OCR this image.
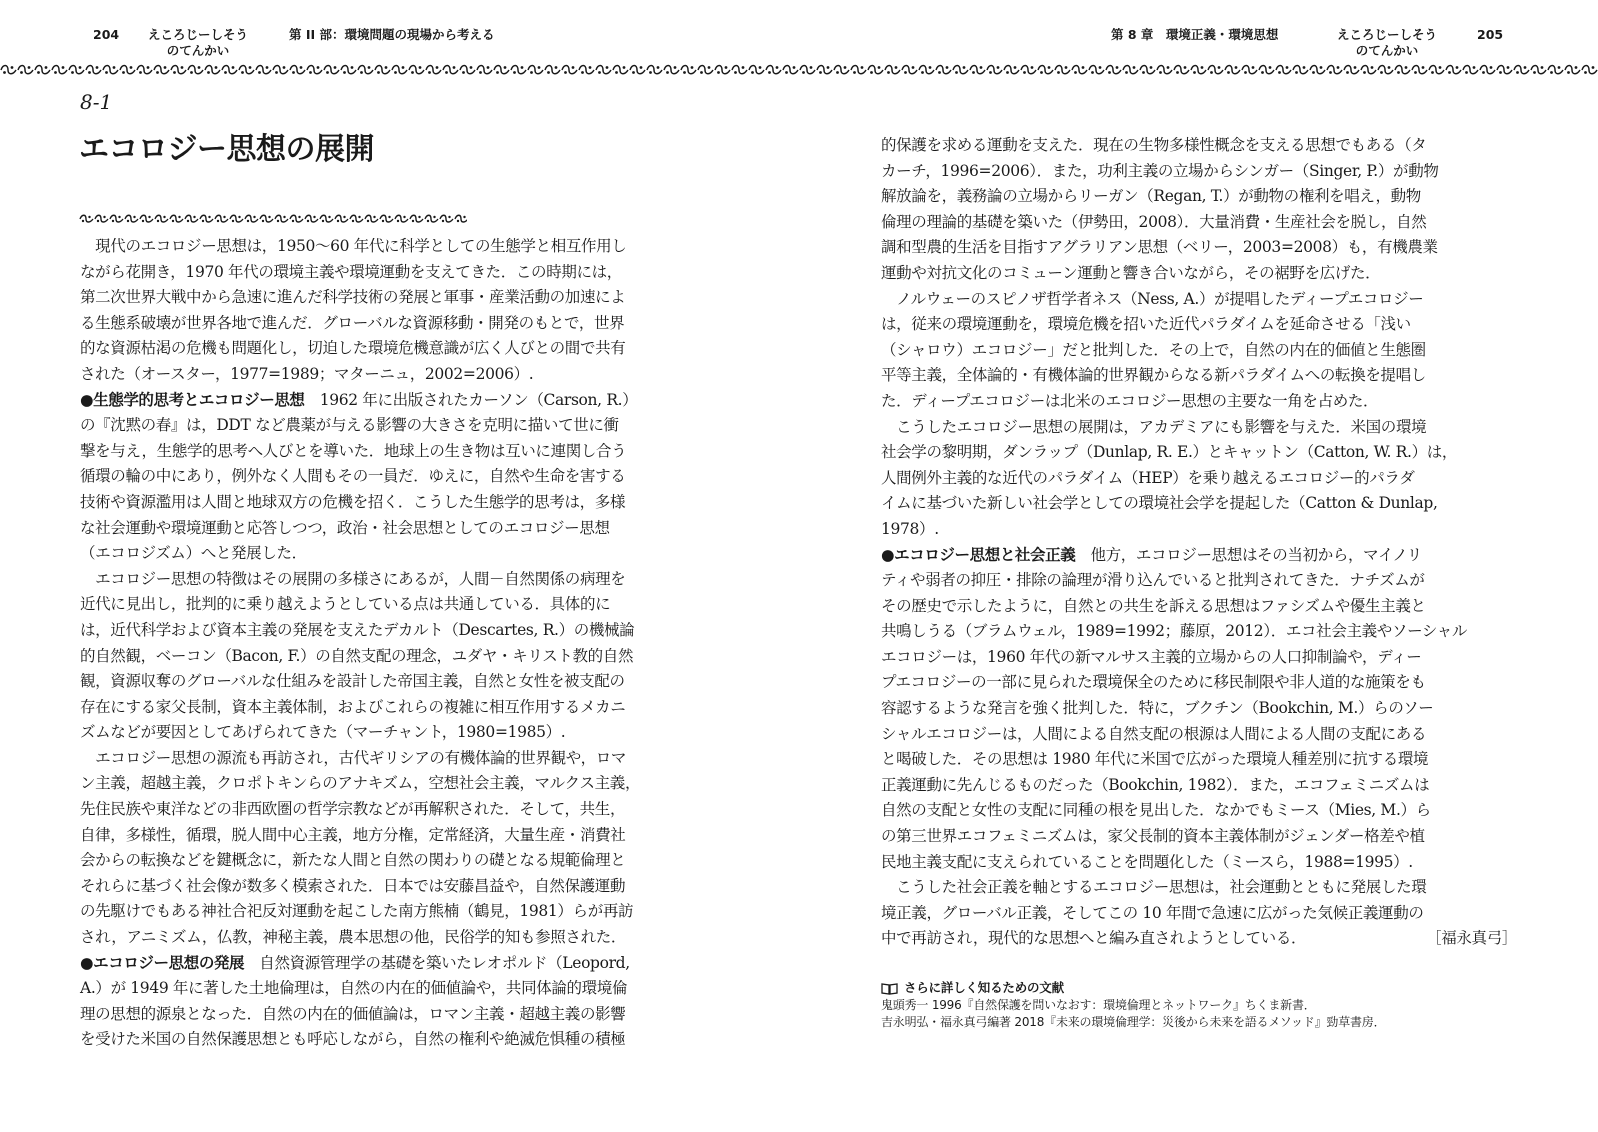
204 えころじーしそう
のてんかい
第 II 部：環境問題の現場から考える	第 8 章　環境正義・環境思想	えころじーしそう
のてんかい
205
8-1
エコロジー思想の展開
　現代のエコロジー思想は，1950～60 年代に科学としての生態学と相互作用し
ながら花開き，1970 年代の環境主義や環境運動を支えてきた．この時期には，
第二次世界大戦中から急速に進んだ科学技術の発展と軍事・産業活動の加速によ
る生態系破壊が世界各地で進んだ．グローバルな資源移動・開発のもとで，世界
的な資源枯渇の危機も問題化し，切迫した環境危機意識が広く人びとの間で共有
された（オースター，1977=1989；マターニュ，2002=2006）.
●生態学的思考とエコロジー思想　 1962 年に出版されたカーソン（Carson, R.）
の『沈黙の春』は，DDT など農薬が与える影響の大きさを克明に描いて世に衝
撃を与え，生態学的思考へ人びとを導いた．地球上の生き物は互いに連関し合う
循環の輪の中にあり，例外なく人間もその一員だ．ゆえに，自然や生命を害する
技術や資源濫用は人間と地球双方の危機を招く．こうした生態学的思考は，多様
な社会運動や環境運動と応答しつつ，政治・社会思想としてのエコロジー思想
（エコロジズム）へと発展した．
　エコロジー思想の特徴はその展開の多様さにあるが，人間－自然関係の病理を
近代に見出し，批判的に乗り越えようとしている点は共通している．具体的に
は，近代科学および資本主義の発展を支えたデカルト（Descartes, R.）の機械論
的自然観，ベーコン（Bacon, F.）の自然支配の理念，ユダヤ・キリスト教的自然
観，資源収奪のグローバルな仕組みを設計した帝国主義，自然と女性を被支配の
存在にする家父長制，資本主義体制，およびこれらの複雑に相互作用するメカニ
ズムなどが要因としてあげられてきた（マーチャント，1980=1985）.
　エコロジー思想の源流も再訪され，古代ギリシアの有機体論的世界観や，ロマ
ン主義，超越主義，クロポトキンらのアナキズム，空想社会主義，マルクス主義，
先住民族や東洋などの非西欧圏の哲学宗教などが再解釈された．そして，共生，
自律，多様性，循環，脱人間中心主義，地方分権，定常経済，大量生産・消費社
会からの転換などを鍵概念に，新たな人間と自然の関わりの礎となる規範倫理と
それらに基づく社会像が数多く模索された．日本では安藤昌益や，自然保護運動
の先駆けでもある神社合祀反対運動を起こした南方熊楠（鶴見，1981）らが再訪
され，アニミズム，仏教，神秘主義，農本思想の他，民俗学的知も参照された．
●エコロジー思想の発展　 自然資源管理学の基礎を築いたレオポルド（Leopord,
A.）が 1949 年に著した土地倫理は，自然の内在的価値論や，共同体論的環境倫
理の思想的源泉となった．自然の内在的価値論は，ロマン主義・超越主義の影響
を受けた米国の自然保護思想とも呼応しながら，自然の権利や絶滅危惧種の積極
的保護を求める運動を支えた．現在の生物多様性概念を支える思想でもある（タ
カーチ，1996=2006）．また，功利主義の立場からシンガー（Singer, P.）が動物
解放論を，義務論の立場からリーガン（Regan, T.）が動物の権利を唱え，動物
倫理の理論的基礎を築いた（伊勢田，2008）．大量消費・生産社会を脱し，自然
調和型農的生活を目指すアグラリアン思想（ベリー，2003=2008）も，有機農業
運動や対抗文化のコミューン運動と響き合いながら，その裾野を広げた．
　ノルウェーのスピノザ哲学者ネス（Ness, A.）が提唱したディープエコロジー
は，従来の環境運動を，環境危機を招いた近代パラダイムを延命させる「浅い
（シャロウ）エコロジー」だと批判した．その上で，自然の内在的価値と生態圏
平等主義，全体論的・有機体論的世界観からなる新パラダイムへの転換を提唱し
た．ディープエコロジーは北米のエコロジー思想の主要な一角を占めた．
　こうしたエコロジー思想の展開は，アカデミアにも影響を与えた．米国の環境
社会学の黎明期，ダンラップ（Dunlap, R. E.）とキャットン（Catton, W. R.）は，
人間例外主義的な近代のパラダイム（HEP）を乗り越えるエコロジー的パラダ
イムに基づいた新しい社会学としての環境社会学を提起した（Catton & Dunlap,
1978）.
●エコロジー思想と社会正義　 他方，エコロジー思想はその当初から，マイノリ
ティや弱者の抑圧・排除の論理が滑り込んでいると批判されてきた．ナチズムが
その歴史で示したように，自然との共生を訴える思想はファシズムや優生主義と
共鳴しうる（ブラムウェル，1989=1992；藤原，2012）．エコ社会主義やソーシャル
エコロジーは，1960 年代の新マルサス主義的立場からの人口抑制論や，ディー
プエコロジーの一部に見られた環境保全のために移民制限や非人道的な施策をも
容認するような発言を強く批判した．特に，ブクチン（Bookchin, M.）らのソー
シャルエコロジーは，人間による自然支配の根源は人間による人間の支配にある
と喝破した．その思想は 1980 年代に米国で広がった環境人種差別に抗する環境
正義運動に先んじるものだった（Bookchin, 1982）．また，エコフェミニズムは
自然の支配と女性の支配に同種の根を見出した．なかでもミース（Mies, M.）ら
の第三世界エコフェミニズムは，家父長制的資本主義体制がジェンダー格差や植
民地主義支配に支えられていることを問題化した（ミースら，1988=1995）.
　こうした社会正義を軸とするエコロジー思想は，社会運動とともに発展した環
境正義，グローバル正義，そしてこの 10 年間で急速に広がった気候正義運動の
中で再訪され，現代的な思想へと編み直されようとしている．	［福永真弓］
さらに詳しく知るための文献
鬼頭秀一 1996『自然保護を問いなおす：環境倫理とネットワーク』ちくま新書．
吉永明弘・福永真弓編著 2018『未来の環境倫理学：災後から未来を語るメソッド』勁草書房．
